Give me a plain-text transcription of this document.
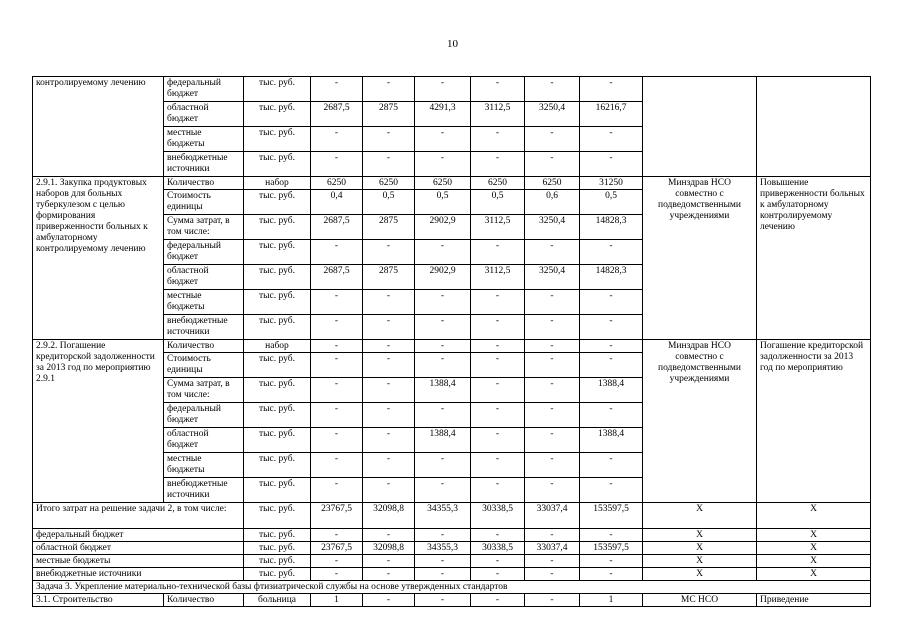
10
контролируемому лечению	федеральный бюджет	тыс. руб.	-	-	-	-	-	-		
	областной бюджет	тыс. руб.	2687,5	2875	4291,3	3112,5	3250,4	16216,7		
	местные бюджеты	тыс. руб.	-	-	-	-	-	-		
	внебюджетные источники	тыс. руб.	-	-	-	-	-	-		
2.9.1. Закупка продуктовых наборов для больных туберкулезом с целью формирования приверженности больных к амбулаторному контролируемому лечению	Количество	набор	6250	6250	6250	6250	6250	31250	Минздрав НСО совместно с подведомственными учреждениями	Повышение приверженности больных к амбулаторному контролируемому лечению
	Стоимость единицы	тыс. руб.	0,4	0,5	0,5	0,5	0,6	0,5		
	Сумма затрат, в том числе:	тыс. руб.	2687,5	2875	2902,9	3112,5	3250,4	14828,3		
	федеральный бюджет	тыс. руб.	-	-	-	-	-	-		
	областной бюджет	тыс. руб.	2687,5	2875	2902,9	3112,5	3250,4	14828,3		
	местные бюджеты	тыс. руб.	-	-	-	-	-	-		
	внебюджетные источники	тыс. руб.	-	-	-	-	-	-		
2.9.2. Погашение кредиторской задолженности за 2013 год по мероприятию 2.9.1	Количество	набор	-	-	-	-	-	-	Минздрав НСО совместно с подведомственными учреждениями	Погашение кредиторской задолженности за 2013 год по мероприятию
	Стоимость единицы	тыс. руб.	-	-	-	-	-	-		
	Сумма затрат, в том числе:	тыс. руб.	-	-	1388,4	-	-	1388,4		
	федеральный бюджет	тыс. руб.	-	-	-	-	-	-		
	областной бюджет	тыс. руб.	-	-	1388,4	-	-	1388,4		
	местные бюджеты	тыс. руб.	-	-	-	-	-	-		
	внебюджетные источники	тыс. руб.	-	-	-	-	-	-		
Итого затрат на решение задачи 2, в том числе:		тыс. руб.	23767,5	32098,8	34355,3	30338,5	33037,4	153597,5	X	X
федеральный бюджет		тыс. руб.	-	-	-	-	-	-	X	X
областной бюджет		тыс. руб.	23767,5	32098,8	34355,3	30338,5	33037,4	153597,5	X	X
местные бюджеты		тыс. руб.	-	-	-	-	-	-	X	X
внебюджетные источники		тыс. руб.	-	-	-	-	-	-	X	X
Задача 3. Укрепление материально-технической базы фтизиатрической службы на основе утвержденных стандартов										
3.1. Строительство	Количество	больница	1	-	-	-	-	1	МС НСО	Приведение
